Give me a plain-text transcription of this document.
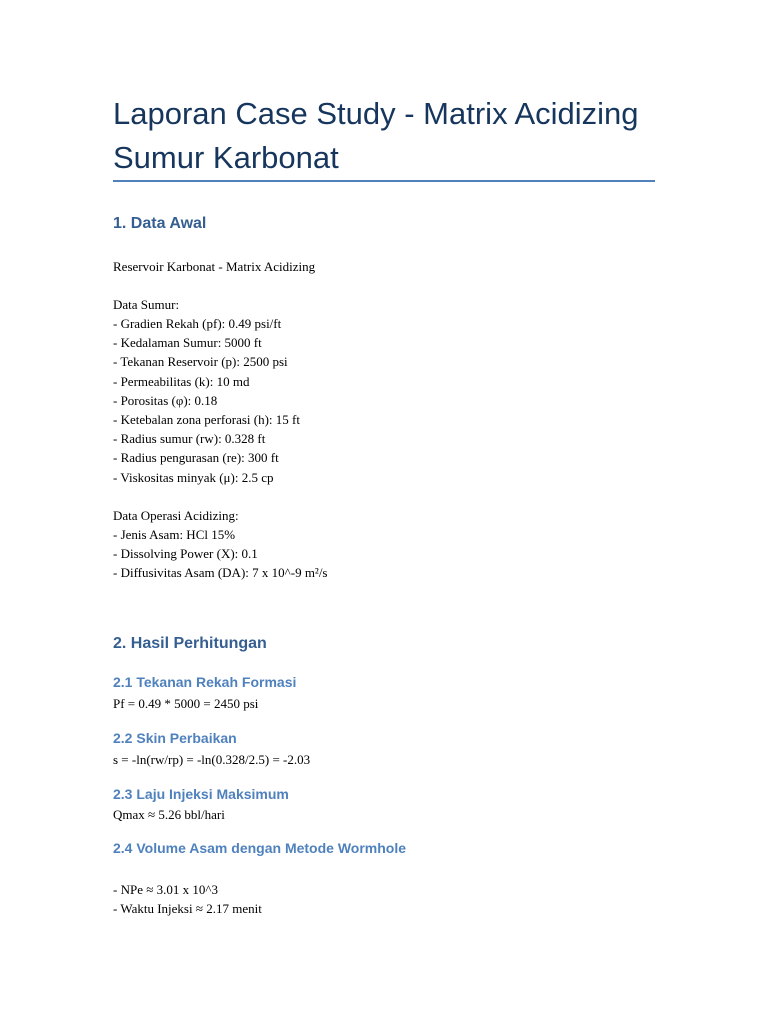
Laporan Case Study - Matrix Acidizing Sumur Karbonat
1. Data Awal

Reservoir Karbonat - Matrix Acidizing

Data Sumur:

- Gradien Rekah (pf): 0.49 psi/ft
- Kedalaman Sumur: 5000 ft
- Tekanan Reservoir (p): 2500 psi
- Permeabilitas (k): 10 md
- Porositas (φ): 0.18
- Ketebalan zona perforasi (h): 15 ft
- Radius sumur (rw): 0.328 ft
- Radius pengurasan (re): 300 ft
- Viskositas minyak (μ): 2.5 cp

Data Operasi Acidizing:

- Jenis Asam: HCl 15%
- Dissolving Power (X): 0.1
- Diffusivitas Asam (DA): 7 x 10^-9 m²/s
2. Hasil Perhitungan
2.1 Tekanan Rekah Formasi

Pf = 0.49 * 5000 = 2450 psi

2.2 Skin Perbaikan

s = -ln(rw/rp) = -ln(0.328/2.5) = -2.03

2.3 Laju Injeksi Maksimum

Qmax ≈ 5.26 bbl/hari

2.4 Volume Asam dengan Metode Wormhole
- NPe ≈ 3.01 x 10^3
- Waktu Injeksi ≈ 2.17 menit
